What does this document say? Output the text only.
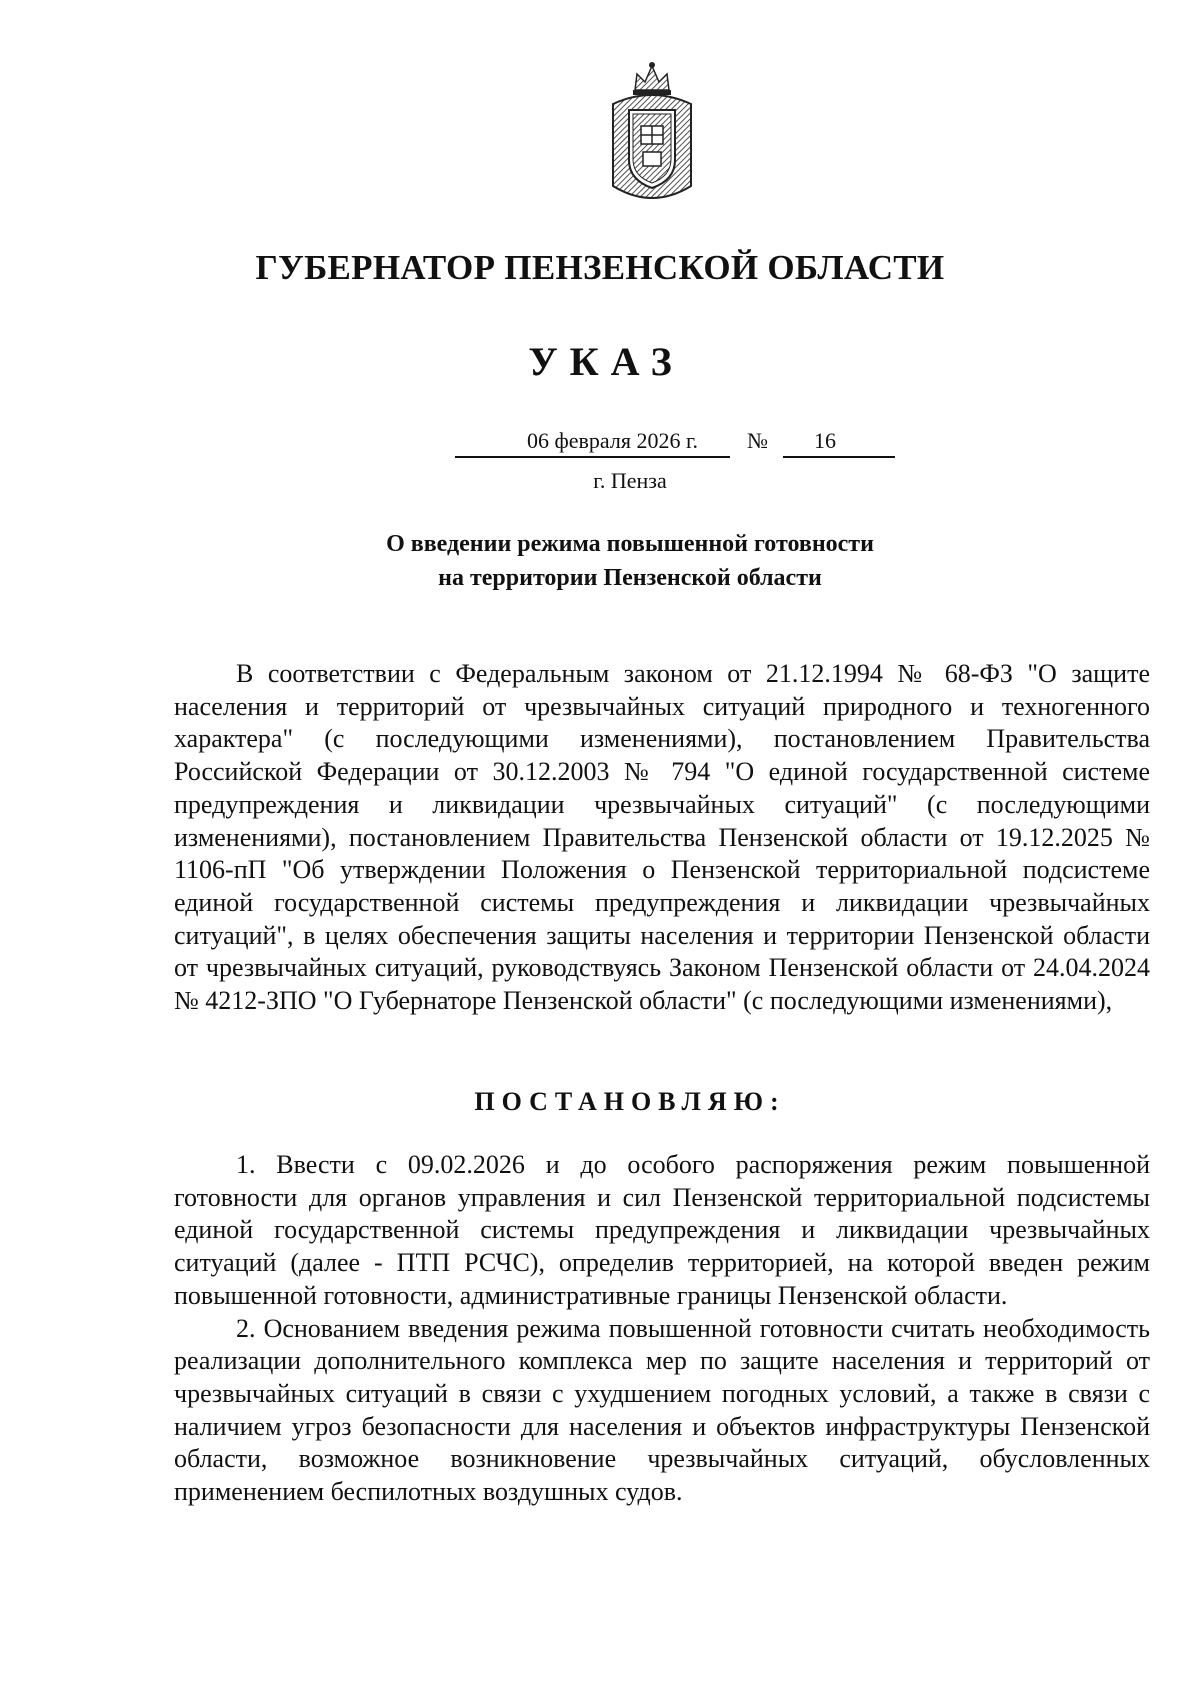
ГУБЕРНАТОР ПЕНЗЕНСКОЙ ОБЛАСТИ
УКАЗ
06 февраля 2026 г.	№	16
г. Пенза
О введении режима повышенной готовности
на территории Пензенской области

В соответствии с Федеральным законом от 21.12.1994 № 68-ФЗ "О защите населения и территорий от чрезвычайных ситуаций природного и техногенного характера" (с последующими изменениями), постановлением Правительства Российской Федерации от 30.12.2003 № 794 "О единой государственной системе предупреждения и ликвидации чрезвычайных ситуаций" (с последующими изменениями), постановлением Правительства Пензенской области от 19.12.2025 № 1106-пП "Об утверждении Положения о Пензенской территориальной подсистеме единой государственной системы предупреждения и ликвидации чрезвычайных ситуаций", в целях обеспечения защиты населения и территории Пензенской области от чрезвычайных ситуаций, руководствуясь Законом Пензенской области от 24.04.2024 № 4212-ЗПО "О Губернаторе Пензенской области" (с последующими изменениями),

ПОСТАНОВЛЯЮ:

1. Ввести с 09.02.2026 и до особого распоряжения режим повышенной готовности для органов управления и сил Пензенской территориальной подсистемы единой государственной системы предупреждения и ликвидации чрезвычайных ситуаций (далее - ПТП РСЧС), определив территорией, на которой введен режим повышенной готовности, административные границы Пензенской области.

2. Основанием введения режима повышенной готовности считать необходимость реализации дополнительного комплекса мер по защите населения и территорий от чрезвычайных ситуаций в связи с ухудшением погодных условий, а также в связи с наличием угроз безопасности для населения и объектов инфраструктуры Пензенской области, возможное возникновение чрезвычайных ситуаций, обусловленных применением беспилотных воздушных судов.
